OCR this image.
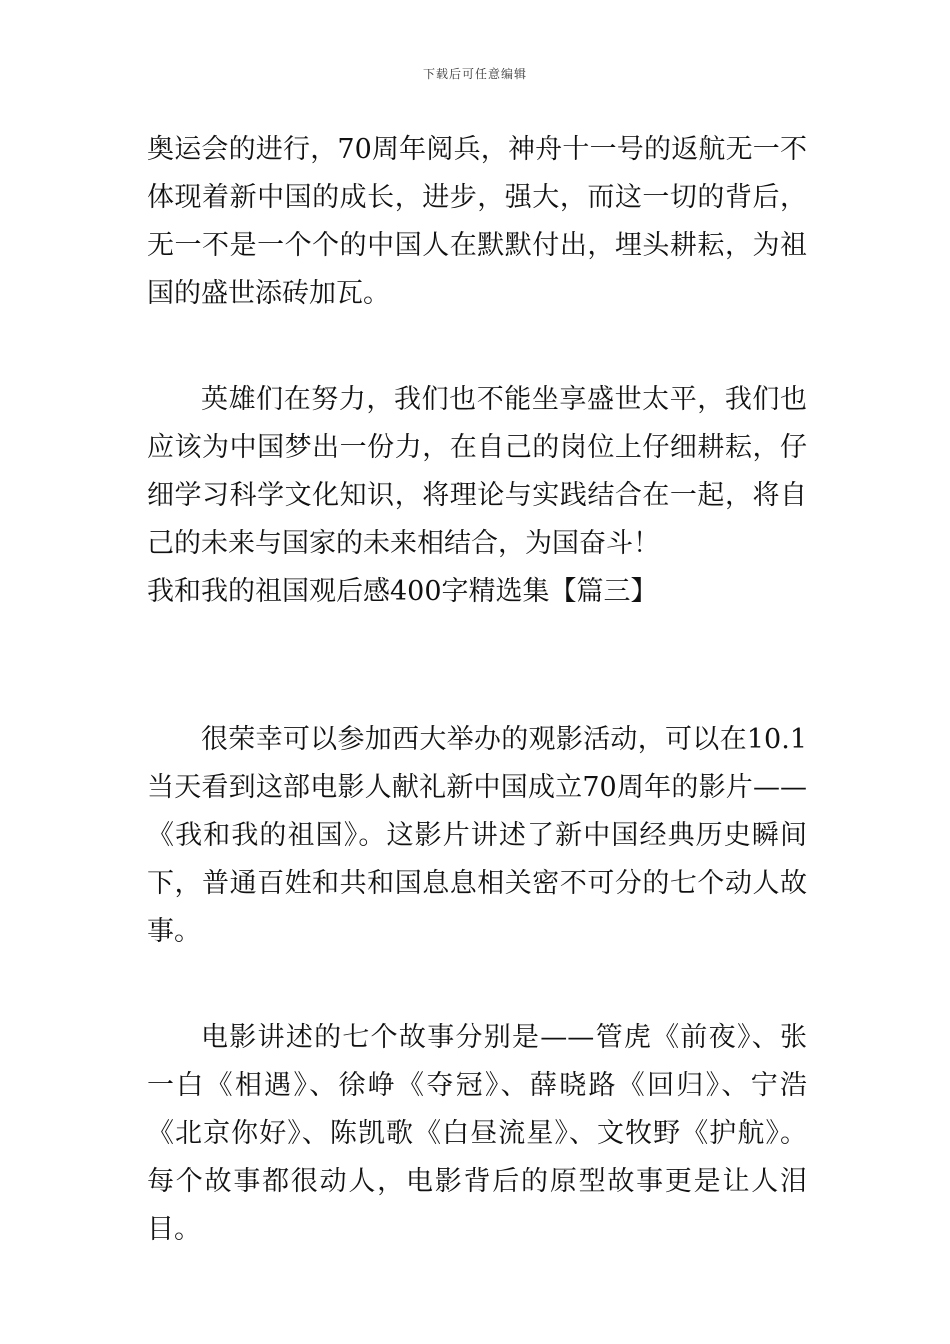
下载后可任意编辑

奥运会的进行，70周年阅兵，神舟十一号的返航无一不体现着新中国的成长，进步，强大，而这一切的背后，无一不是一个个的中国人在默默付出，埋头耕耘，为祖国的盛世添砖加瓦。

英雄们在努力，我们也不能坐享盛世太平，我们也应该为中国梦出一份力，在自己的岗位上仔细耕耘，仔细学习科学文化知识，将理论与实践结合在一起，将自己的未来与国家的未来相结合，为国奋斗！

我和我的祖国观后感400字精选集【篇三】

很荣幸可以参加西大举办的观影活动，可以在10.1当天看到这部电影人献礼新中国成立70周年的影片——《我和我的祖国》。这影片讲述了新中国经典历史瞬间下，普通百姓和共和国息息相关密不可分的七个动人故事。

电影讲述的七个故事分别是——管虎《前夜》、张一白《相遇》、徐峥《夺冠》、薛晓路《回归》、宁浩《北京你好》、陈凯歌《白昼流星》、文牧野《护航》。每个故事都很动人，电影背后的原型故事更是让人泪目。
